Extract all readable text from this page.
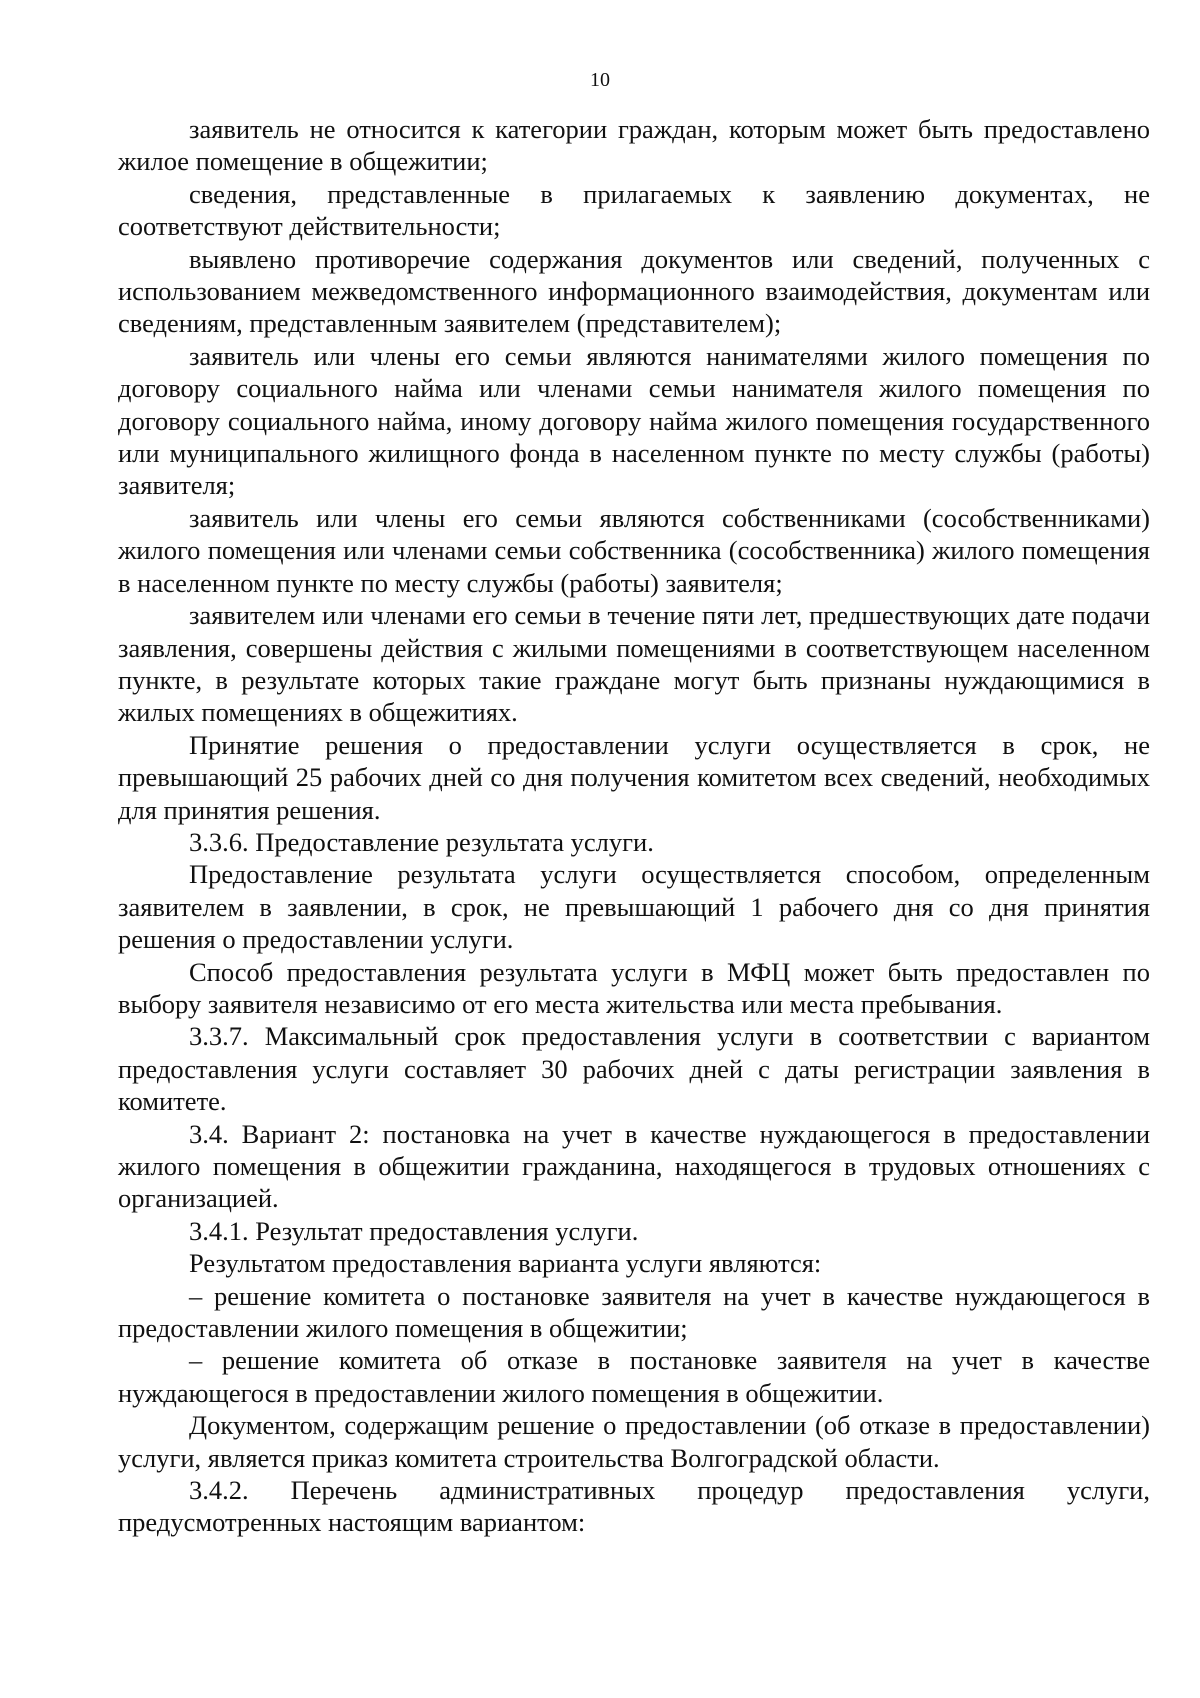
10

заявитель не относится к категории граждан, которым может быть предоставлено жилое помещение в общежитии;

сведения, представленные в прилагаемых к заявлению документах, не соответствуют действительности;

выявлено противоречие содержания документов или сведений, полученных с использованием межведомственного информационного взаимодействия, документам или сведениям, представленным заявителем (представителем);

заявитель или члены его семьи являются нанимателями жилого помещения по договору социального найма или членами семьи нанимателя жилого помещения по договору социального найма, иному договору найма жилого помещения государственного или муниципального жилищного фонда в населенном пункте по месту службы (работы) заявителя;

заявитель или члены его семьи являются собственниками (сособственниками) жилого помещения или членами семьи собственника (сособственника) жилого помещения в населенном пункте по месту службы (работы) заявителя;

заявителем или членами его семьи в течение пяти лет, предшествующих дате подачи заявления, совершены действия с жилыми помещениями в соответствующем населенном пункте, в результате которых такие граждане могут быть признаны нуждающимися в жилых помещениях в общежитиях.

Принятие решения о предоставлении услуги осуществляется в срок, не превышающий 25 рабочих дней со дня получения комитетом всех сведений, необходимых для принятия решения.

3.3.6. Предоставление результата услуги.

Предоставление результата услуги осуществляется способом, определенным заявителем в заявлении, в срок, не превышающий 1 рабочего дня со дня принятия решения о предоставлении услуги.

Способ предоставления результата услуги в МФЦ может быть предоставлен по выбору заявителя независимо от его места жительства или места пребывания.

3.3.7. Максимальный срок предоставления услуги в соответствии с вариантом предоставления услуги составляет 30 рабочих дней с даты регистрации заявления в комитете.

3.4. Вариант 2: постановка на учет в качестве нуждающегося в предоставлении жилого помещения в общежитии гражданина, находящегося в трудовых отношениях с организацией.

3.4.1. Результат предоставления услуги.

Результатом предоставления варианта услуги являются:

– решение комитета о постановке заявителя на учет в качестве нуждающегося в предоставлении жилого помещения в общежитии;

– решение комитета об отказе в постановке заявителя на учет в качестве нуждающегося в предоставлении жилого помещения в общежитии.

Документом, содержащим решение о предоставлении (об отказе в предоставлении) услуги, является приказ комитета строительства Волгоградской области.

3.4.2. Перечень административных процедур предоставления услуги, предусмотренных настоящим вариантом:
